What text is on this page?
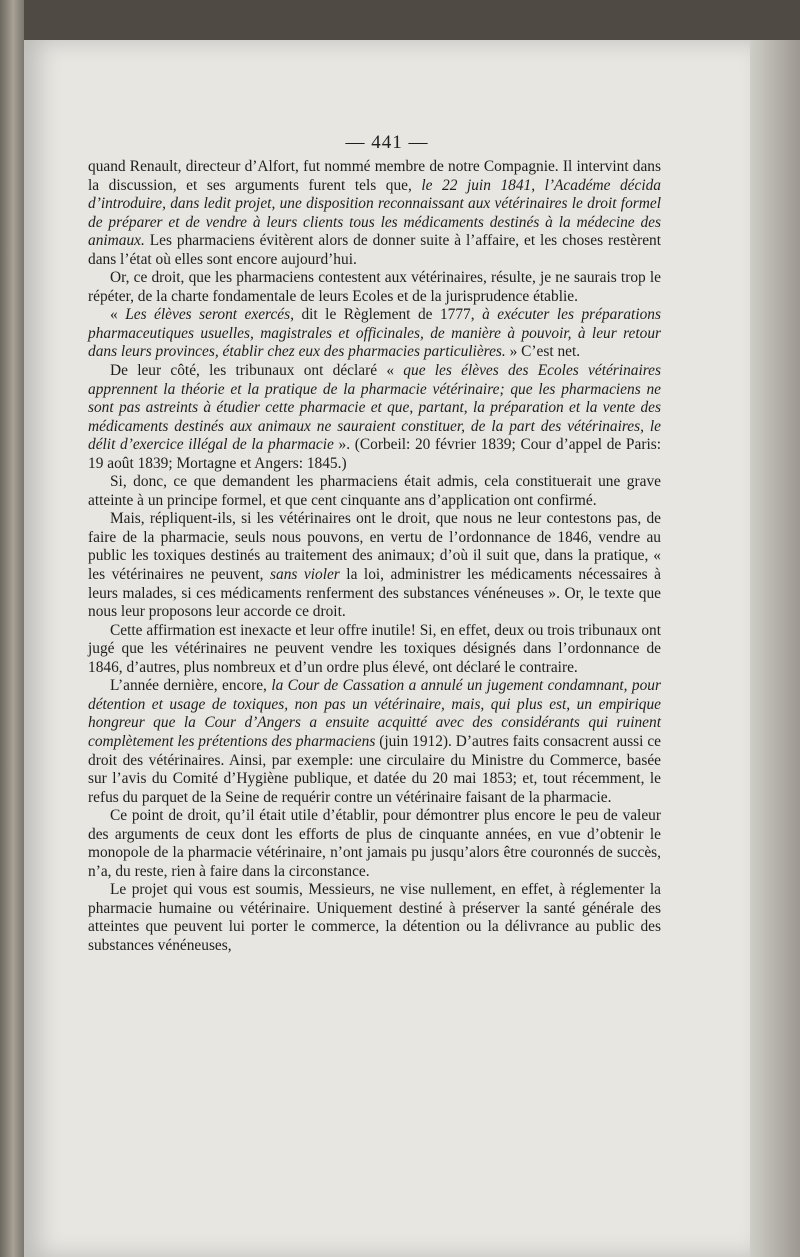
— 441 —

quand Renault, directeur d’Alfort, fut nommé membre de notre Compagnie. Il intervint dans la discussion, et ses arguments furent tels que, le 22 juin 1841, l’Académe décida d’introduire, dans ledit projet, une disposition reconnaissant aux vétérinaires le droit formel de préparer et de vendre à leurs clients tous les médicaments destinés à la médecine des animaux. Les pharmaciens évitèrent alors de donner suite à l’affaire, et les choses restèrent dans l’état où elles sont encore aujourd’hui.

Or, ce droit, que les pharmaciens contestent aux vétérinaires, résulte, je ne saurais trop le répéter, de la charte fondamentale de leurs Ecoles et de la jurisprudence établie.

« Les élèves seront exercés, dit le Règlement de 1777, à exécuter les préparations pharmaceutiques usuelles, magistrales et officinales, de manière à pouvoir, à leur retour dans leurs provinces, établir chez eux des pharmacies particulières. » C’est net.

De leur côté, les tribunaux ont déclaré « que les élèves des Ecoles vétérinaires apprennent la théorie et la pratique de la pharmacie vétérinaire; que les pharmaciens ne sont pas astreints à étudier cette pharmacie et que, partant, la préparation et la vente des médicaments destinés aux animaux ne sauraient constituer, de la part des vétérinaires, le délit d’exercice illégal de la pharmacie ». (Corbeil: 20 février 1839; Cour d’appel de Paris: 19 août 1839; Mortagne et Angers: 1845.)

Si, donc, ce que demandent les pharmaciens était admis, cela constituerait une grave atteinte à un principe formel, et que cent cinquante ans d’application ont confirmé.

Mais, répliquent-ils, si les vétérinaires ont le droit, que nous ne leur contestons pas, de faire de la pharmacie, seuls nous pouvons, en vertu de l’ordonnance de 1846, vendre au public les toxiques destinés au traitement des animaux; d’où il suit que, dans la pratique, « les vétérinaires ne peuvent, sans violer la loi, administrer les médicaments nécessaires à leurs malades, si ces médicaments renferment des substances vénéneuses ». Or, le texte que nous leur proposons leur accorde ce droit.

Cette affirmation est inexacte et leur offre inutile! Si, en effet, deux ou trois tribunaux ont jugé que les vétérinaires ne peuvent vendre les toxiques désignés dans l’ordonnance de 1846, d’autres, plus nombreux et d’un ordre plus élevé, ont déclaré le contraire.

L’année dernière, encore, la Cour de Cassation a annulé un jugement condamnant, pour détention et usage de toxiques, non pas un vétérinaire, mais, qui plus est, un empirique hongreur que la Cour d’Angers a ensuite acquitté avec des considérants qui ruinent complètement les prétentions des pharmaciens (juin 1912). D’autres faits consacrent aussi ce droit des vétérinaires. Ainsi, par exemple: une circulaire du Ministre du Commerce, basée sur l’avis du Comité d’Hygiène publique, et datée du 20 mai 1853; et, tout récemment, le refus du parquet de la Seine de requérir contre un vétérinaire faisant de la pharmacie.

Ce point de droit, qu’il était utile d’établir, pour démontrer plus encore le peu de valeur des arguments de ceux dont les efforts de plus de cinquante années, en vue d’obtenir le monopole de la pharmacie vétérinaire, n’ont jamais pu jusqu’alors être couronnés de succès, n’a, du reste, rien à faire dans la circonstance.

Le projet qui vous est soumis, Messieurs, ne vise nullement, en effet, à réglementer la pharmacie humaine ou vétérinaire. Uniquement destiné à préserver la santé générale des atteintes que peuvent lui porter le commerce, la détention ou la délivrance au public des substances vénéneuses,
